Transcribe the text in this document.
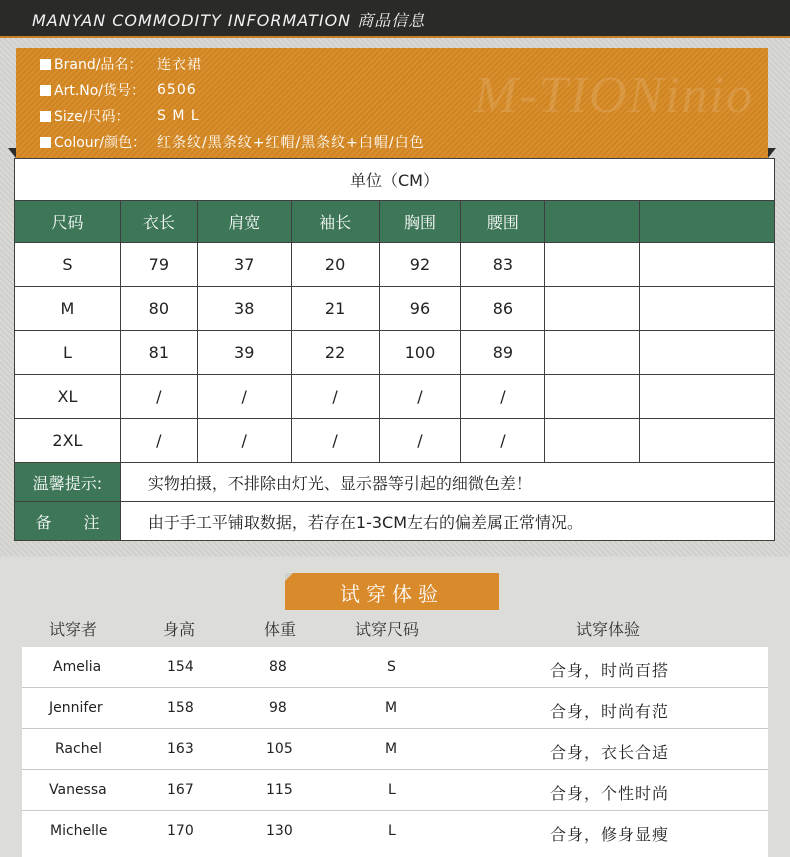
MANYAN COMMODITY INFORMATION 商品信息
M-TIONinio
Brand/品名： 连衣裙
Art.No/货号： 6506
Size/尺码： S M L
Colour/颜色： 红条纹/黑条纹+红帽/黑条纹+白帽/白色
单位（CM）							
尺码	衣长	肩宽	袖长	胸围	腰围		
S	79	37	20	92	83		
M	80	38	21	96	86		
L	81	39	22	100	89		
XL	/	/	/	/	/		
2XL	/	/	/	/	/		
温馨提示:	实物拍摄，不排除由灯光、显示器等引起的细微色差！						
备　　注	由于手工平铺取数据，若存在1-3CM左右的偏差属正常情况。						
试穿体验
试穿者	身高	体重	试穿尺码	试穿体验
Amelia	154	88	S	合身，时尚百搭
Jennifer	158	98	M	合身，时尚有范
Rachel	163	105	M	合身，衣长合适
Vanessa	167	115	L	合身，个性时尚
Michelle	170	130	L	合身，修身显瘦
